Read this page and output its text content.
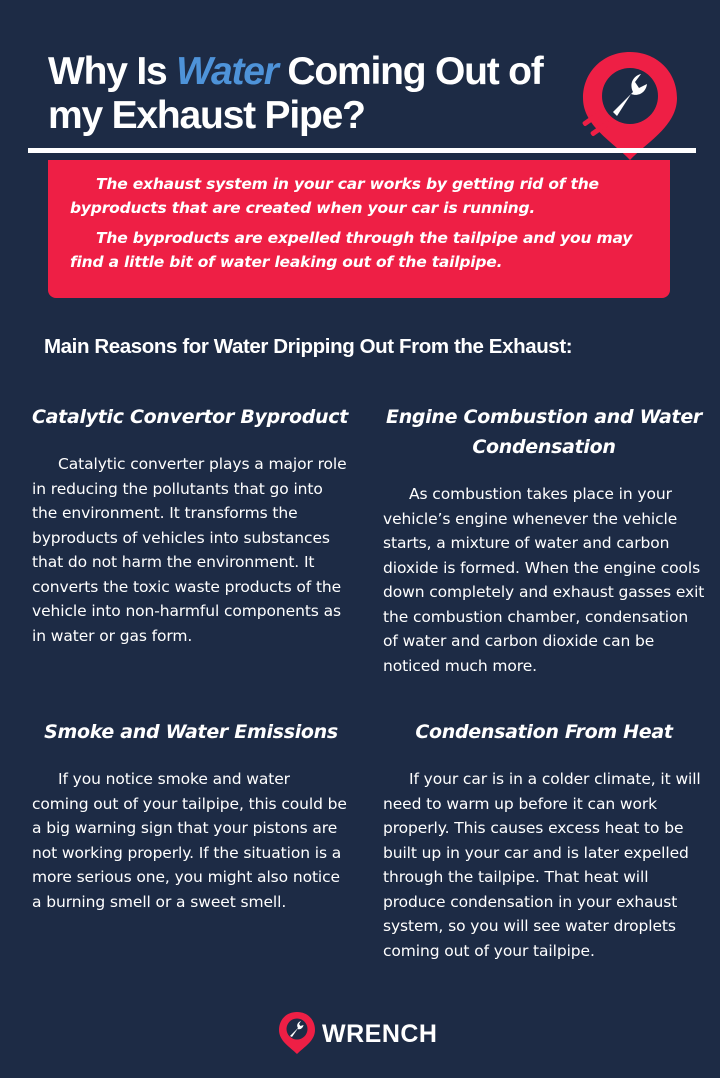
Why Is Water Coming Out of my Exhaust Pipe?

The exhaust system in your car works by getting rid of the byproducts that are created when your car is running.

The byproducts are expelled through the tailpipe and you may find a little bit of water leaking out of the tailpipe.

Main Reasons for Water Dripping Out From the Exhaust:
Catalytic Convertor Byproduct

Catalytic converter plays a major role in reducing the pollutants that go into the environment. It transforms the byproducts of vehicles into substances that do not harm the environment. It converts the toxic waste products of the vehicle into non-harmful components as in water or gas form.

Engine Combustion and Water Condensation

As combustion takes place in your vehicle’s engine whenever the vehicle starts, a mixture of water and carbon dioxide is formed. When the engine cools down completely and exhaust gasses exit the combustion chamber, condensation of water and carbon dioxide can be noticed much more.

Smoke and Water Emissions

If you notice smoke and water coming out of your tailpipe, this could be a big warning sign that your pistons are not working properly. If the situation is a more serious one, you might also notice a burning smell or a sweet smell.

Condensation From Heat

If your car is in a colder climate, it will need to warm up before it can work properly. This causes excess heat to be built up in your car and is later expelled through the tailpipe. That heat will produce condensation in your exhaust system, so you will see water droplets coming out of your tailpipe.

WRENCH
